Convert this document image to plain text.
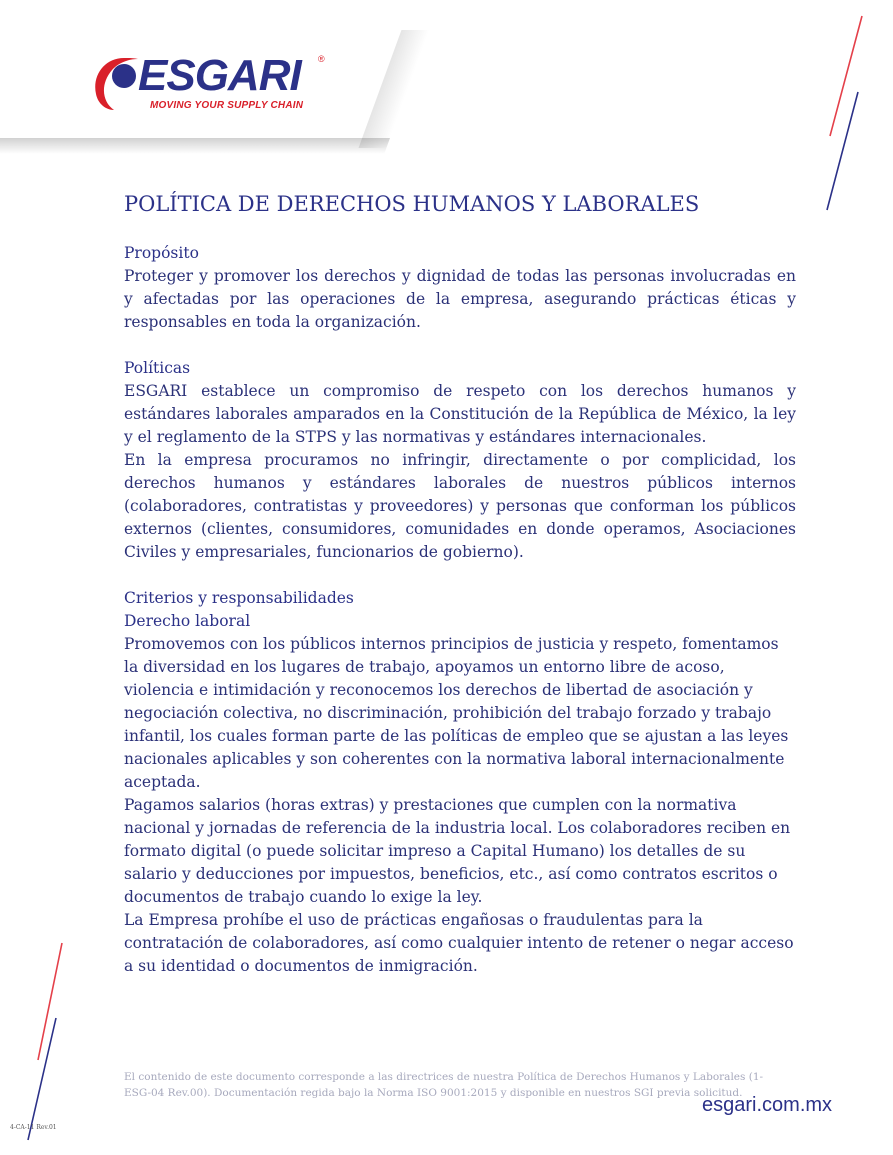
ESGARI ®
MOVING YOUR SUPPLY CHAIN
POLÍTICA DE DERECHOS HUMANOS Y LABORALES
Propósito

Proteger y promover los derechos y dignidad de todas las personas involucradas en y afectadas por las operaciones de la empresa, asegurando prácticas éticas y responsables en toda la organización.

Políticas

ESGARI establece un compromiso de respeto con los derechos humanos y estándares laborales amparados en la Constitución de la República de México, la ley y el reglamento de la STPS y las normativas y estándares internacionales.

En la empresa procuramos no infringir, directamente o por complicidad, los derechos humanos y estándares laborales de nuestros públicos internos (colaboradores, contratistas y proveedores) y personas que conforman los públicos externos (clientes, consumidores, comunidades en donde operamos, Asociaciones Civiles y empresariales, funcionarios de gobierno).

Criterios y responsabilidades
Derecho laboral

Promovemos con los públicos internos principios de justicia y respeto, fomentamos la diversidad en los lugares de trabajo, apoyamos un entorno libre de acoso, violencia e intimidación y reconocemos los derechos de libertad de asociación y negociación colectiva, no discriminación, prohibición del trabajo forzado y trabajo infantil, los cuales forman parte de las políticas de empleo que se ajustan a las leyes nacionales aplicables y son coherentes con la normativa laboral internacionalmente aceptada.

Pagamos salarios (horas extras) y prestaciones que cumplen con la normativa nacional y jornadas de referencia de la industria local. Los colaboradores reciben en formato digital (o puede solicitar impreso a Capital Humano) los detalles de su salario y deducciones por impuestos, beneficios, etc., así como contratos escritos o documentos de trabajo cuando lo exige la ley.

La Empresa prohíbe el uso de prácticas engañosas o fraudulentas para la contratación de colaboradores, así como cualquier intento de retener o negar acceso a su identidad o documentos de inmigración.

El contenido de este documento corresponde a las directrices de nuestra Política de Derechos Humanos y Laborales (1-ESG-04 Rev.00). Documentación regida bajo la Norma ISO 9001:2015 y disponible en nuestros SGI previa solicitud.

esgari.com.mx
4-CA-11 Rev.01
